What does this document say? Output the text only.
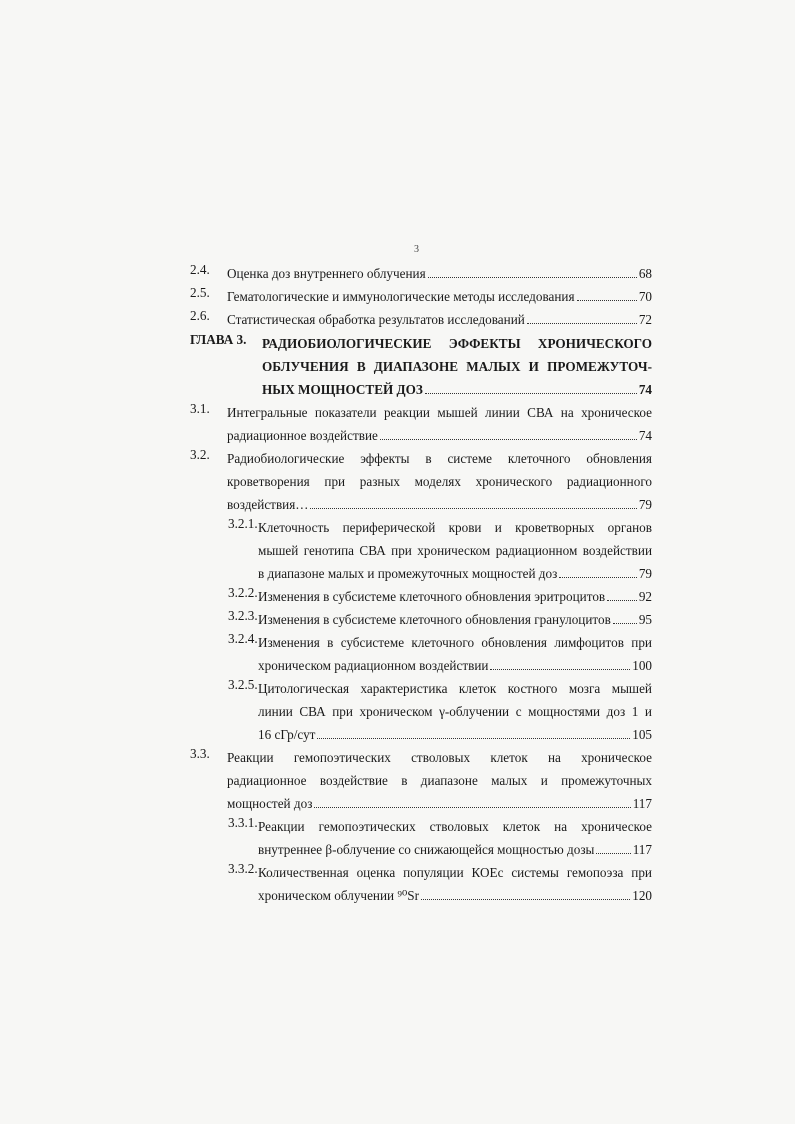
3
2.4.	Оценка доз внутреннего облучения	68
2.5.	Гематологические и иммунологические методы исследования	70
2.6.	Статистическая обработка результатов исследований	72
ГЛАВА 3.	РАДИОБИОЛОГИЧЕСКИЕ ЭФФЕКТЫ ХРОНИЧЕСКОГО
ОБЛУЧЕНИЯ В ДИАПАЗОНЕ МАЛЫХ И ПРОМЕЖУТОЧ-
НЫХ МОЩНОСТЕЙ ДОЗ	74
3.1.	Интегральные показатели реакции мышей линии СВА на хроническое
радиационное воздействие	74
3.2.	Радиобиологические эффекты в системе клеточного обновления
кроветворения при разных моделях хронического радиационного
воздействия…	79
3.2.1. Клеточность периферической крови и кроветворных органов
мышей генотипа СВА при хроническом радиационном воздействии
в диапазоне малых и промежуточных мощностей доз	79
3.2.2. Изменения в субсистеме клеточного обновления эритроцитов	92
3.2.3. Изменения в субсистеме клеточного обновления гранулоцитов 95
3.2.4. Изменения в субсистеме клеточного обновления лимфоцитов при
хроническом радиационном воздействии	100
3.2.5. Цитологическая характеристика клеток костного мозга мышей
линии СВА при хроническом γ-облучении с мощностями доз 1 и
16 сГр/сут	105
3.3.	Реакции гемопоэтических стволовых клеток на хроническое
радиационное воздействие в диапазоне малых и промежуточных
мощностей доз	117
3.3.1. Реакции гемопоэтических стволовых клеток на хроническое
внутреннее β-облучение со снижающейся мощностью дозы	117
3.3.2. Количественная оценка популяции КОЕс системы гемопоэза при
хроническом облучении ⁹⁰Sr	120
